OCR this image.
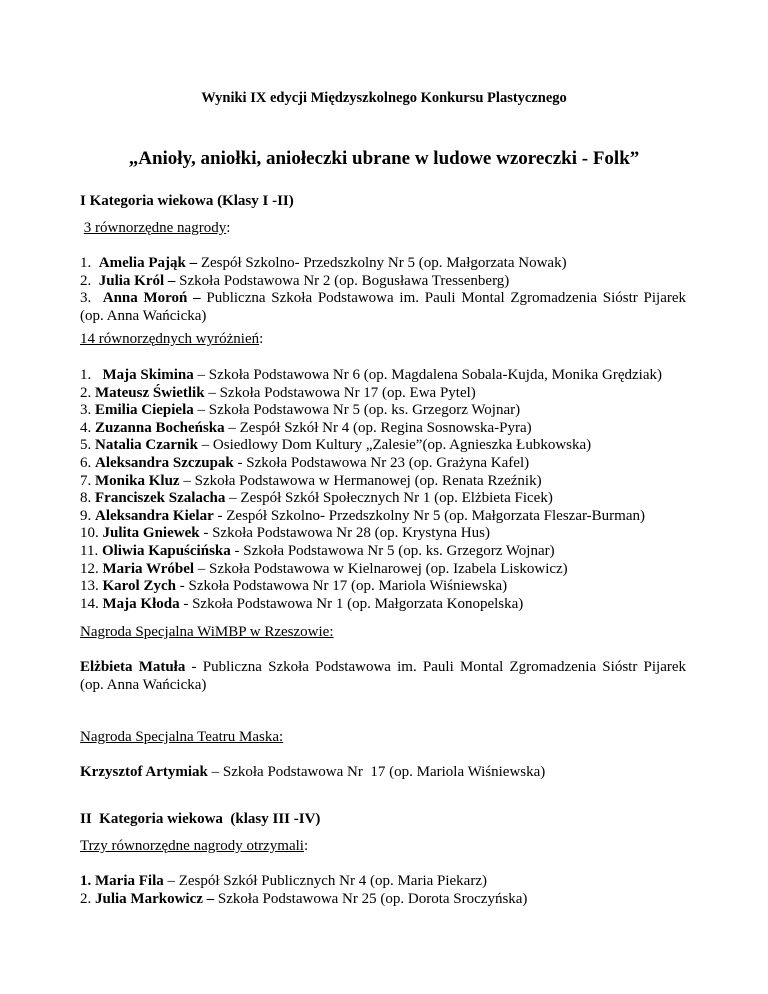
Wyniki IX edycji Międzyszkolnego Konkursu Plastycznego
„Anioły, aniołki, aniołeczki ubrane w ludowe wzoreczki - Folk”
I Kategoria wiekowa (Klasy I -II)
3 równorzędne nagrody:
1. Amelia Pająk – Zespół Szkolno- Przedszkolny Nr 5 (op. Małgorzata Nowak)
2. Julia Król – Szkoła Podstawowa Nr 2 (op. Bogusława Tressenberg)
3. Anna Moroń – Publiczna Szkoła Podstawowa im. Pauli Montal Zgromadzenia Sióstr Pijarek (op. Anna Wańcicka)
14 równorzędnych wyróżnień:
1. Maja Skimina – Szkoła Podstawowa Nr 6 (op. Magdalena Sobala-Kujda, Monika Grędziak)
2. Mateusz Świetlik – Szkoła Podstawowa Nr 17 (op. Ewa Pytel)
3. Emilia Ciepiela – Szkoła Podstawowa Nr 5 (op. ks. Grzegorz Wojnar)
4. Zuzanna Bocheńska – Zespół Szkół Nr 4 (op. Regina Sosnowska-Pyra)
5. Natalia Czarnik – Osiedlowy Dom Kultury „Zalesie”(op. Agnieszka Łubkowska)
6. Aleksandra Szczupak - Szkoła Podstawowa Nr 23 (op. Grażyna Kafel)
7. Monika Kluz – Szkoła Podstawowa w Hermanowej (op. Renata Rzeźnik)
8. Franciszek Szalacha – Zespół Szkół Społecznych Nr 1 (op. Elżbieta Ficek)
9. Aleksandra Kielar - Zespół Szkolno- Przedszkolny Nr 5 (op. Małgorzata Fleszar-Burman)
10. Julita Gniewek - Szkoła Podstawowa Nr 28 (op. Krystyna Hus)
11. Oliwia Kapuścińska - Szkoła Podstawowa Nr 5 (op. ks. Grzegorz Wojnar)
12. Maria Wróbel – Szkoła Podstawowa w Kielnarowej (op. Izabela Liskowicz)
13. Karol Zych - Szkoła Podstawowa Nr 17 (op. Mariola Wiśniewska)
14. Maja Kłoda - Szkoła Podstawowa Nr 1 (op. Małgorzata Konopelska)
Nagroda Specjalna WiMBP w Rzeszowie:
Elżbieta Matuła - Publiczna Szkoła Podstawowa im. Pauli Montal Zgromadzenia Sióstr Pijarek (op. Anna Wańcicka)
Nagroda Specjalna Teatru Maska:
Krzysztof Artymiak – Szkoła Podstawowa Nr  17 (op. Mariola Wiśniewska)
II  Kategoria wiekowa  (klasy III -IV)
Trzy równorzędne nagrody otrzymali:
1. Maria Fila – Zespół Szkół Publicznych Nr 4 (op. Maria Piekarz)
2. Julia Markowicz – Szkoła Podstawowa Nr 25 (op. Dorota Sroczyńska)
